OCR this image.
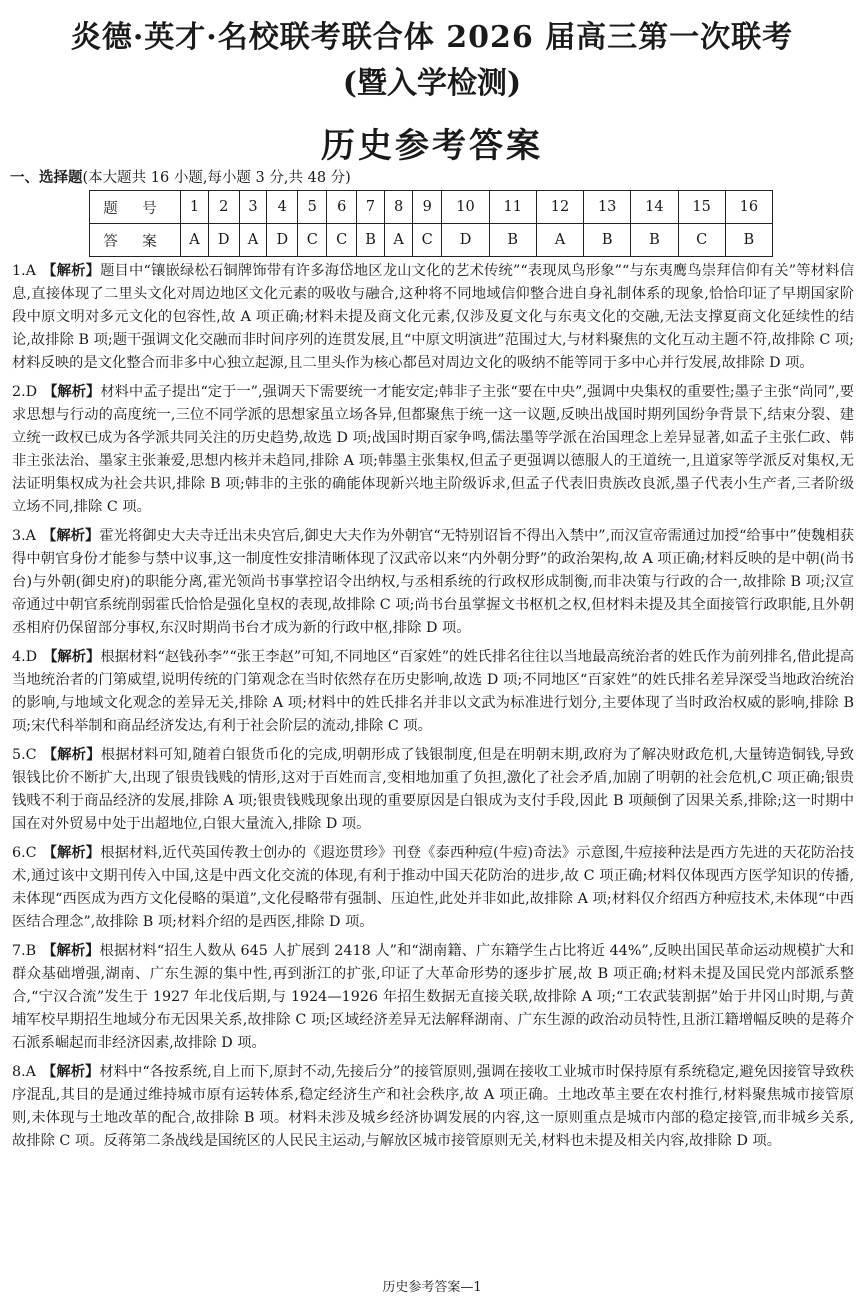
炎德·英才·名校联考联合体 2026 届高三第一次联考
(暨入学检测)
历史参考答案
一、选择题(本大题共 16 小题,每小题 3 分,共 48 分)
题 号	1	2	3	4	5	6	7	8	9	10	11	12	13	14	15	16
答 案	A	D	A	D	C	C	B	A	C	D	B	A	B	B	C	B
1.A 【解析】题目中“镶嵌绿松石铜牌饰带有许多海岱地区龙山文化的艺术传统”“表现凤鸟形象”“与东夷鹰鸟崇拜信仰有关”等材料信息,直接体现了二里头文化对周边地区文化元素的吸收与融合,这种将不同地域信仰整合进自身礼制体系的现象,恰恰印证了早期国家阶段中原文明对多元文化的包容性,故 A 项正确;材料未提及商文化元素,仅涉及夏文化与东夷文化的交融,无法支撑夏商文化延续性的结论,故排除 B 项;题干强调文化交融而非时间序列的连贯发展,且“中原文明演进”范围过大,与材料聚焦的文化互动主题不符,故排除 C 项;材料反映的是文化整合而非多中心独立起源,且二里头作为核心都邑对周边文化的吸纳不能等同于多中心并行发展,故排除 D 项。
2.D 【解析】材料中孟子提出“定于一”,强调天下需要统一才能安定;韩非子主张“要在中央”,强调中央集权的重要性;墨子主张“尚同”,要求思想与行动的高度统一,三位不同学派的思想家虽立场各异,但都聚焦于统一这一议题,反映出战国时期列国纷争背景下,结束分裂、建立统一政权已成为各学派共同关注的历史趋势,故选 D 项;战国时期百家争鸣,儒法墨等学派在治国理念上差异显著,如孟子主张仁政、韩非主张法治、墨家主张兼爱,思想内核并未趋同,排除 A 项;韩墨主张集权,但孟子更强调以德服人的王道统一,且道家等学派反对集权,无法证明集权成为社会共识,排除 B 项;韩非的主张的确能体现新兴地主阶级诉求,但孟子代表旧贵族改良派,墨子代表小生产者,三者阶级立场不同,排除 C 项。
3.A 【解析】霍光将御史大夫寺迁出未央宫后,御史大夫作为外朝官“无特别诏旨不得出入禁中”,而汉宣帝需通过加授“给事中”使魏相获得中朝官身份才能参与禁中议事,这一制度性安排清晰体现了汉武帝以来“内外朝分野”的政治架构,故 A 项正确;材料反映的是中朝(尚书台)与外朝(御史府)的职能分离,霍光领尚书事掌控诏令出纳权,与丞相系统的行政权形成制衡,而非决策与行政的合一,故排除 B 项;汉宣帝通过中朝官系统削弱霍氏恰恰是强化皇权的表现,故排除 C 项;尚书台虽掌握文书枢机之权,但材料未提及其全面接管行政职能,且外朝丞相府仍保留部分事权,东汉时期尚书台才成为新的行政中枢,排除 D 项。
4.D 【解析】根据材料“赵钱孙李”“张王李赵”可知,不同地区“百家姓”的姓氏排名往往以当地最高统治者的姓氏作为前列排名,借此提高当地统治者的门第威望,说明传统的门第观念在当时依然存在历史影响,故选 D 项;不同地区“百家姓”的姓氏排名差异深受当地政治统治的影响,与地域文化观念的差异无关,排除 A 项;材料中的姓氏排名并非以文武为标准进行划分,主要体现了当时政治权威的影响,排除 B 项;宋代科举制和商品经济发达,有利于社会阶层的流动,排除 C 项。
5.C 【解析】根据材料可知,随着白银货币化的完成,明朝形成了钱银制度,但是在明朝末期,政府为了解决财政危机,大量铸造铜钱,导致银钱比价不断扩大,出现了银贵钱贱的情形,这对于百姓而言,变相地加重了负担,激化了社会矛盾,加剧了明朝的社会危机,C 项正确;银贵钱贱不利于商品经济的发展,排除 A 项;银贵钱贱现象出现的重要原因是白银成为支付手段,因此 B 项颠倒了因果关系,排除;这一时期中国在对外贸易中处于出超地位,白银大量流入,排除 D 项。
6.C 【解析】根据材料,近代英国传教士创办的《遐迩贯珍》刊登《泰西种痘(牛痘)奇法》示意图,牛痘接种法是西方先进的天花防治技术,通过该中文期刊传入中国,这是中西文化交流的体现,有利于推动中国天花防治的进步,故 C 项正确;材料仅体现西方医学知识的传播,未体现“西医成为西方文化侵略的渠道”,文化侵略带有强制、压迫性,此处并非如此,故排除 A 项;材料仅介绍西方种痘技术,未体现“中西医结合理念”,故排除 B 项;材料介绍的是西医,排除 D 项。
7.B 【解析】根据材料“招生人数从 645 人扩展到 2418 人”和“湖南籍、广东籍学生占比将近 44%”,反映出国民革命运动规模扩大和群众基础增强,湖南、广东生源的集中性,再到浙江的扩张,印证了大革命形势的逐步扩展,故 B 项正确;材料未提及国民党内部派系整合,“宁汉合流”发生于 1927 年北伐后期,与 1924—1926 年招生数据无直接关联,故排除 A 项;“工农武装割据”始于井冈山时期,与黄埔军校早期招生地域分布无因果关系,故排除 C 项;区域经济差异无法解释湖南、广东生源的政治动员特性,且浙江籍增幅反映的是蒋介石派系崛起而非经济因素,故排除 D 项。
8.A 【解析】材料中“各按系统,自上而下,原封不动,先接后分”的接管原则,强调在接收工业城市时保持原有系统稳定,避免因接管导致秩序混乱,其目的是通过维持城市原有运转体系,稳定经济生产和社会秩序,故 A 项正确。土地改革主要在农村推行,材料聚焦城市接管原则,未体现与土地改革的配合,故排除 B 项。材料未涉及城乡经济协调发展的内容,这一原则重点是城市内部的稳定接管,而非城乡关系,故排除 C 项。反蒋第二条战线是国统区的人民民主运动,与解放区城市接管原则无关,材料也未提及相关内容,故排除 D 项。
历史参考答案—1
